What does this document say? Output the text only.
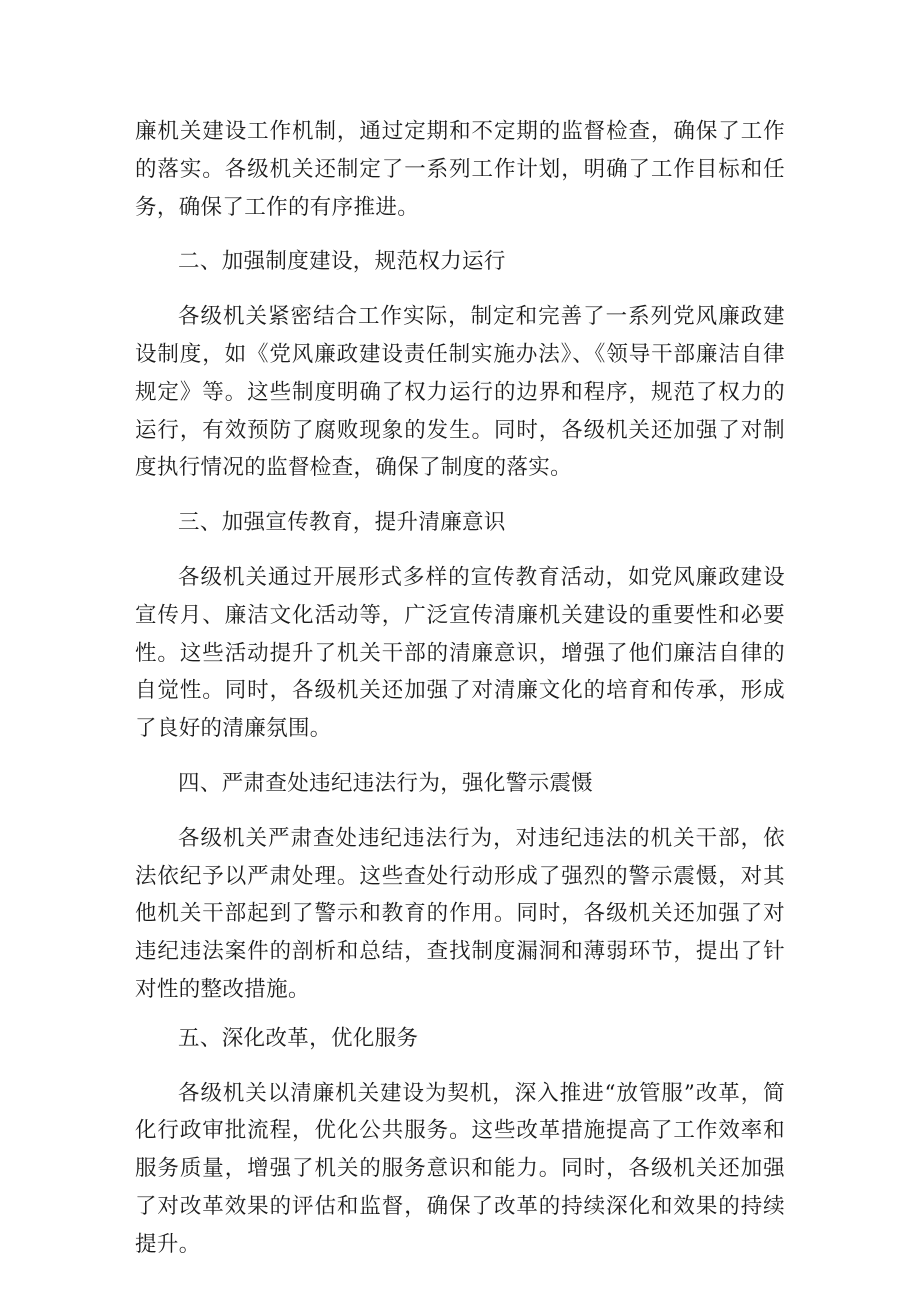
廉机关建设工作机制，通过定期和不定期的监督检查，确保了工作的落实。各级机关还制定了一系列工作计划，明确了工作目标和任务，确保了工作的有序推进。

二、加强制度建设，规范权力运行

各级机关紧密结合工作实际，制定和完善了一系列党风廉政建设制度，如《党风廉政建设责任制实施办法》、《领导干部廉洁自律规定》等。这些制度明确了权力运行的边界和程序，规范了权力的运行，有效预防了腐败现象的发生。同时，各级机关还加强了对制度执行情况的监督检查，确保了制度的落实。

三、加强宣传教育，提升清廉意识

各级机关通过开展形式多样的宣传教育活动，如党风廉政建设宣传月、廉洁文化活动等，广泛宣传清廉机关建设的重要性和必要性。这些活动提升了机关干部的清廉意识，增强了他们廉洁自律的自觉性。同时，各级机关还加强了对清廉文化的培育和传承，形成了良好的清廉氛围。

四、严肃查处违纪违法行为，强化警示震慑

各级机关严肃查处违纪违法行为，对违纪违法的机关干部，依法依纪予以严肃处理。这些查处行动形成了强烈的警示震慑，对其他机关干部起到了警示和教育的作用。同时，各级机关还加强了对违纪违法案件的剖析和总结，查找制度漏洞和薄弱环节，提出了针对性的整改措施。

五、深化改革，优化服务

各级机关以清廉机关建设为契机，深入推进“放管服”改革，简化行政审批流程，优化公共服务。这些改革措施提高了工作效率和服务质量，增强了机关的服务意识和能力。同时，各级机关还加强了对改革效果的评估和监督，确保了改革的持续深化和效果的持续提升。
